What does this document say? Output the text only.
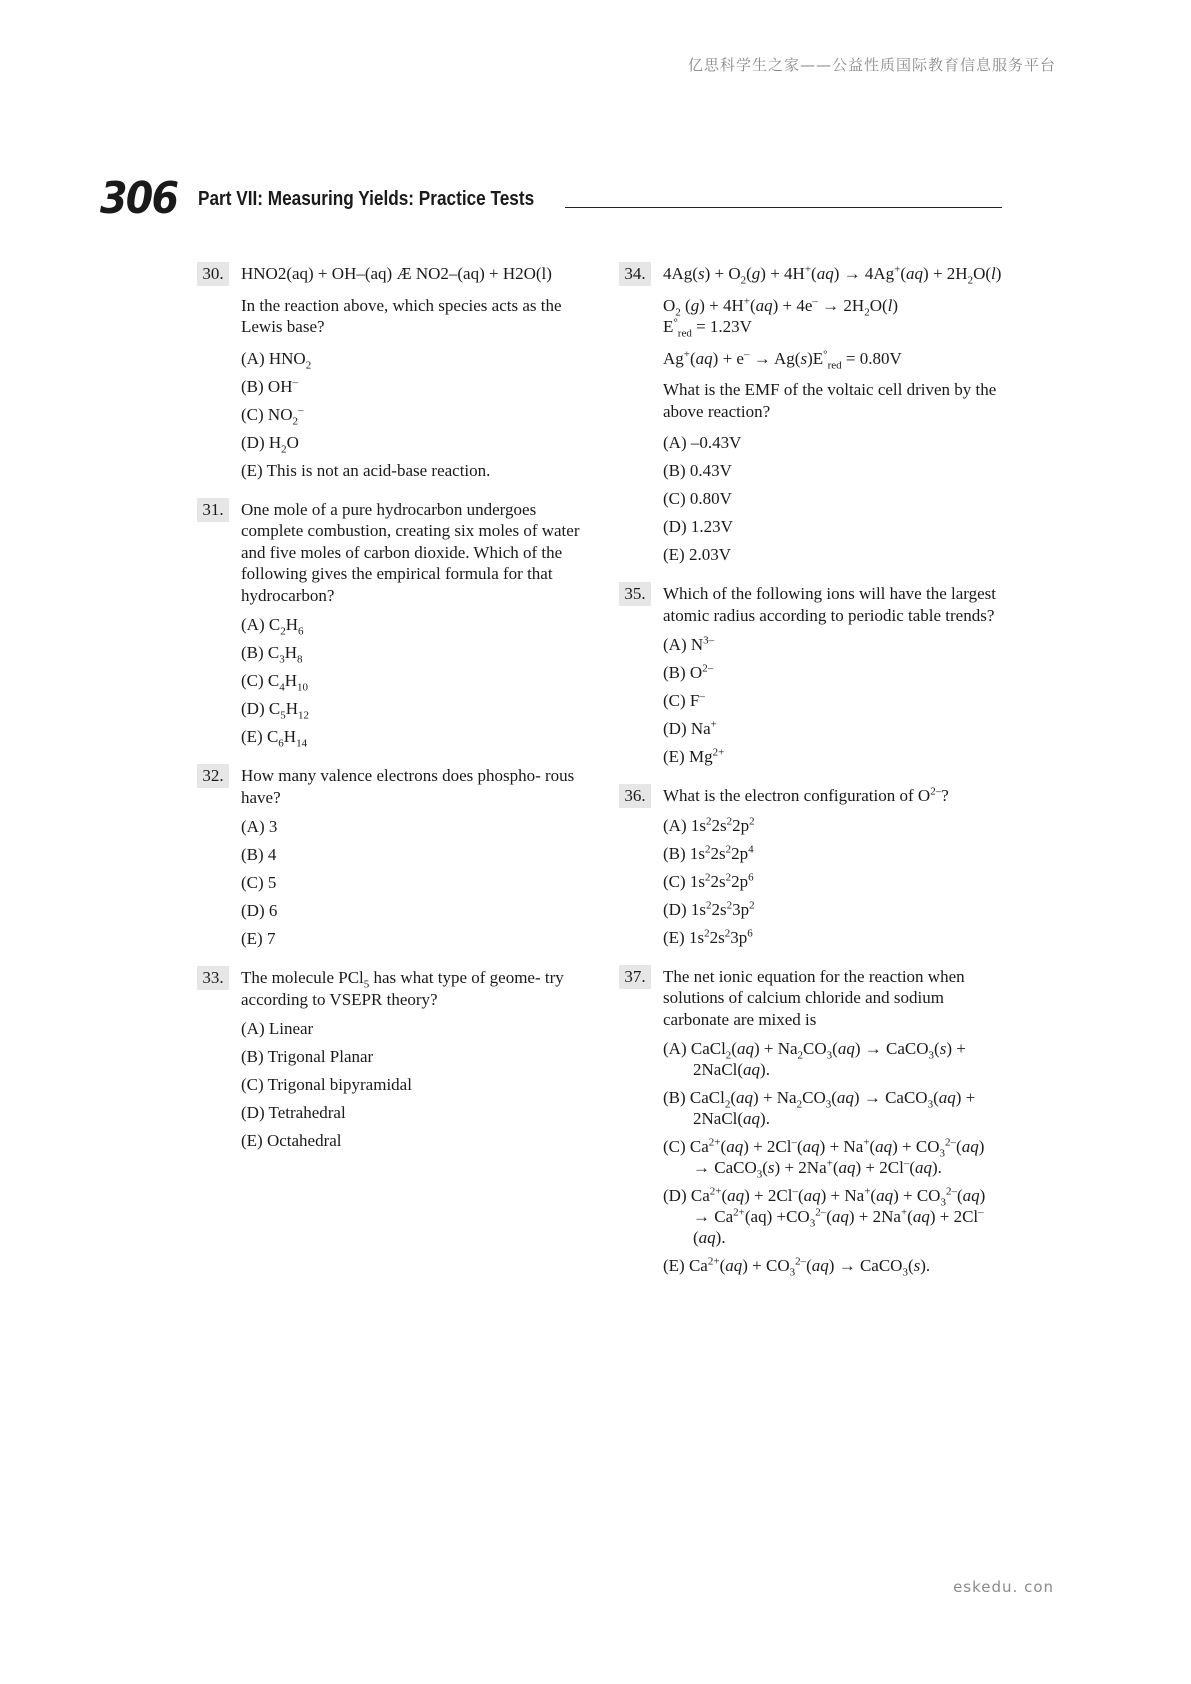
亿思科学生之家——公益性质国际教育信息服务平台
306 Part VII: Measuring Yields: Practice Tests
30.	HNO2(aq) + OH–(aq) Æ NO2–(aq) + H2O(l)

In the reaction above, which species acts as the Lewis base?

(A) $HNO_2$
(B) OH–
(C) $NO_2^-$
(D) $H_2O$
(E) This is not an acid-base reaction.
31.	One mole of a pure hydrocarbon undergoes complete combustion, creating six moles of water and five moles of carbon dioxide. Which of the following gives the empirical formula for that hydrocarbon?
(A) $C_2H_6$
(B) $C_3H_8$
(C) $C_4H_{10}$
(D) $C_5H_{12}$
(E) $C_6H_{14}$
32.	How many valence electrons does phospho- rous have?
(A) 3
(B) 4
(C) 5
(D) 6
(E) 7
33.	The molecule PCl$_5$ has what type of geome- try according to VSEPR theory?
(A) Linear
(B) Trigonal Planar
(C) Trigonal bipyramidal
(D) Tetrahedral
(E) Octahedral
34.	$4Ag(s) + O_2(g) + 4H^+(aq) \to 4Ag^+(aq) + 2H_2O(l)$

$O_2$ $(g) + 4H^+(aq) + 4e^- \to 2H_2O(l)$
$E^\circ_{red} = 1.23V$

$Ag^+(aq) + e^- \to Ag(s)E^\circ_{red} = 0.80V$

What is the EMF of the voltaic cell driven by the above reaction?

(A) –0.43V
(B) 0.43V
(C) 0.80V
(D) 1.23V
(E) 2.03V
35.	Which of the following ions will have the largest atomic radius according to periodic table trends?
(A) $N^{3-}$
(B) $O^{2-}$
(C) F–
(D) Na+
(E) $Mg^{2+}$
36.	What is the electron configuration of $O^{2-}$?
(A) $1s^22s^22p^2$
(B) $1s^22s^22p^4$
(C) $1s^22s^22p^6$
(D) $1s^22s^23p^2$
(E) $1s^22s^23p^6$
37.	The net ionic equation for the reaction when solutions of calcium chloride and sodium carbonate are mixed is
(A) CaCl$_2$(aq) + $Na_2CO_3(aq)$ → CaCO$_3$(s) + 2NaCl(aq).
(B) CaCl$_2$(aq) + $Na_2CO_3(aq)$ → CaCO$_3$(aq) + 2NaCl(aq).
(C) $Ca^{2+}(aq) + 2Cl^-(aq) + Na^+(aq) + CO_3^{2-}(aq)$ → CaCO$_3$(s) + 2Na+(aq) + 2Cl–(aq).
(D) $Ca^{2+}(aq) + 2Cl^-(aq) + Na^+(aq) + CO_3^{2-}(aq) \to Ca^{2+}(aq) +CO_3^{2-}(aq) + 2Na^+(aq) + 2Cl^-(aq)$.
(E) $Ca^{2+}(aq) + CO_3^{2-}(aq)$ → CaCO$_3$(s).
eskedu. con
